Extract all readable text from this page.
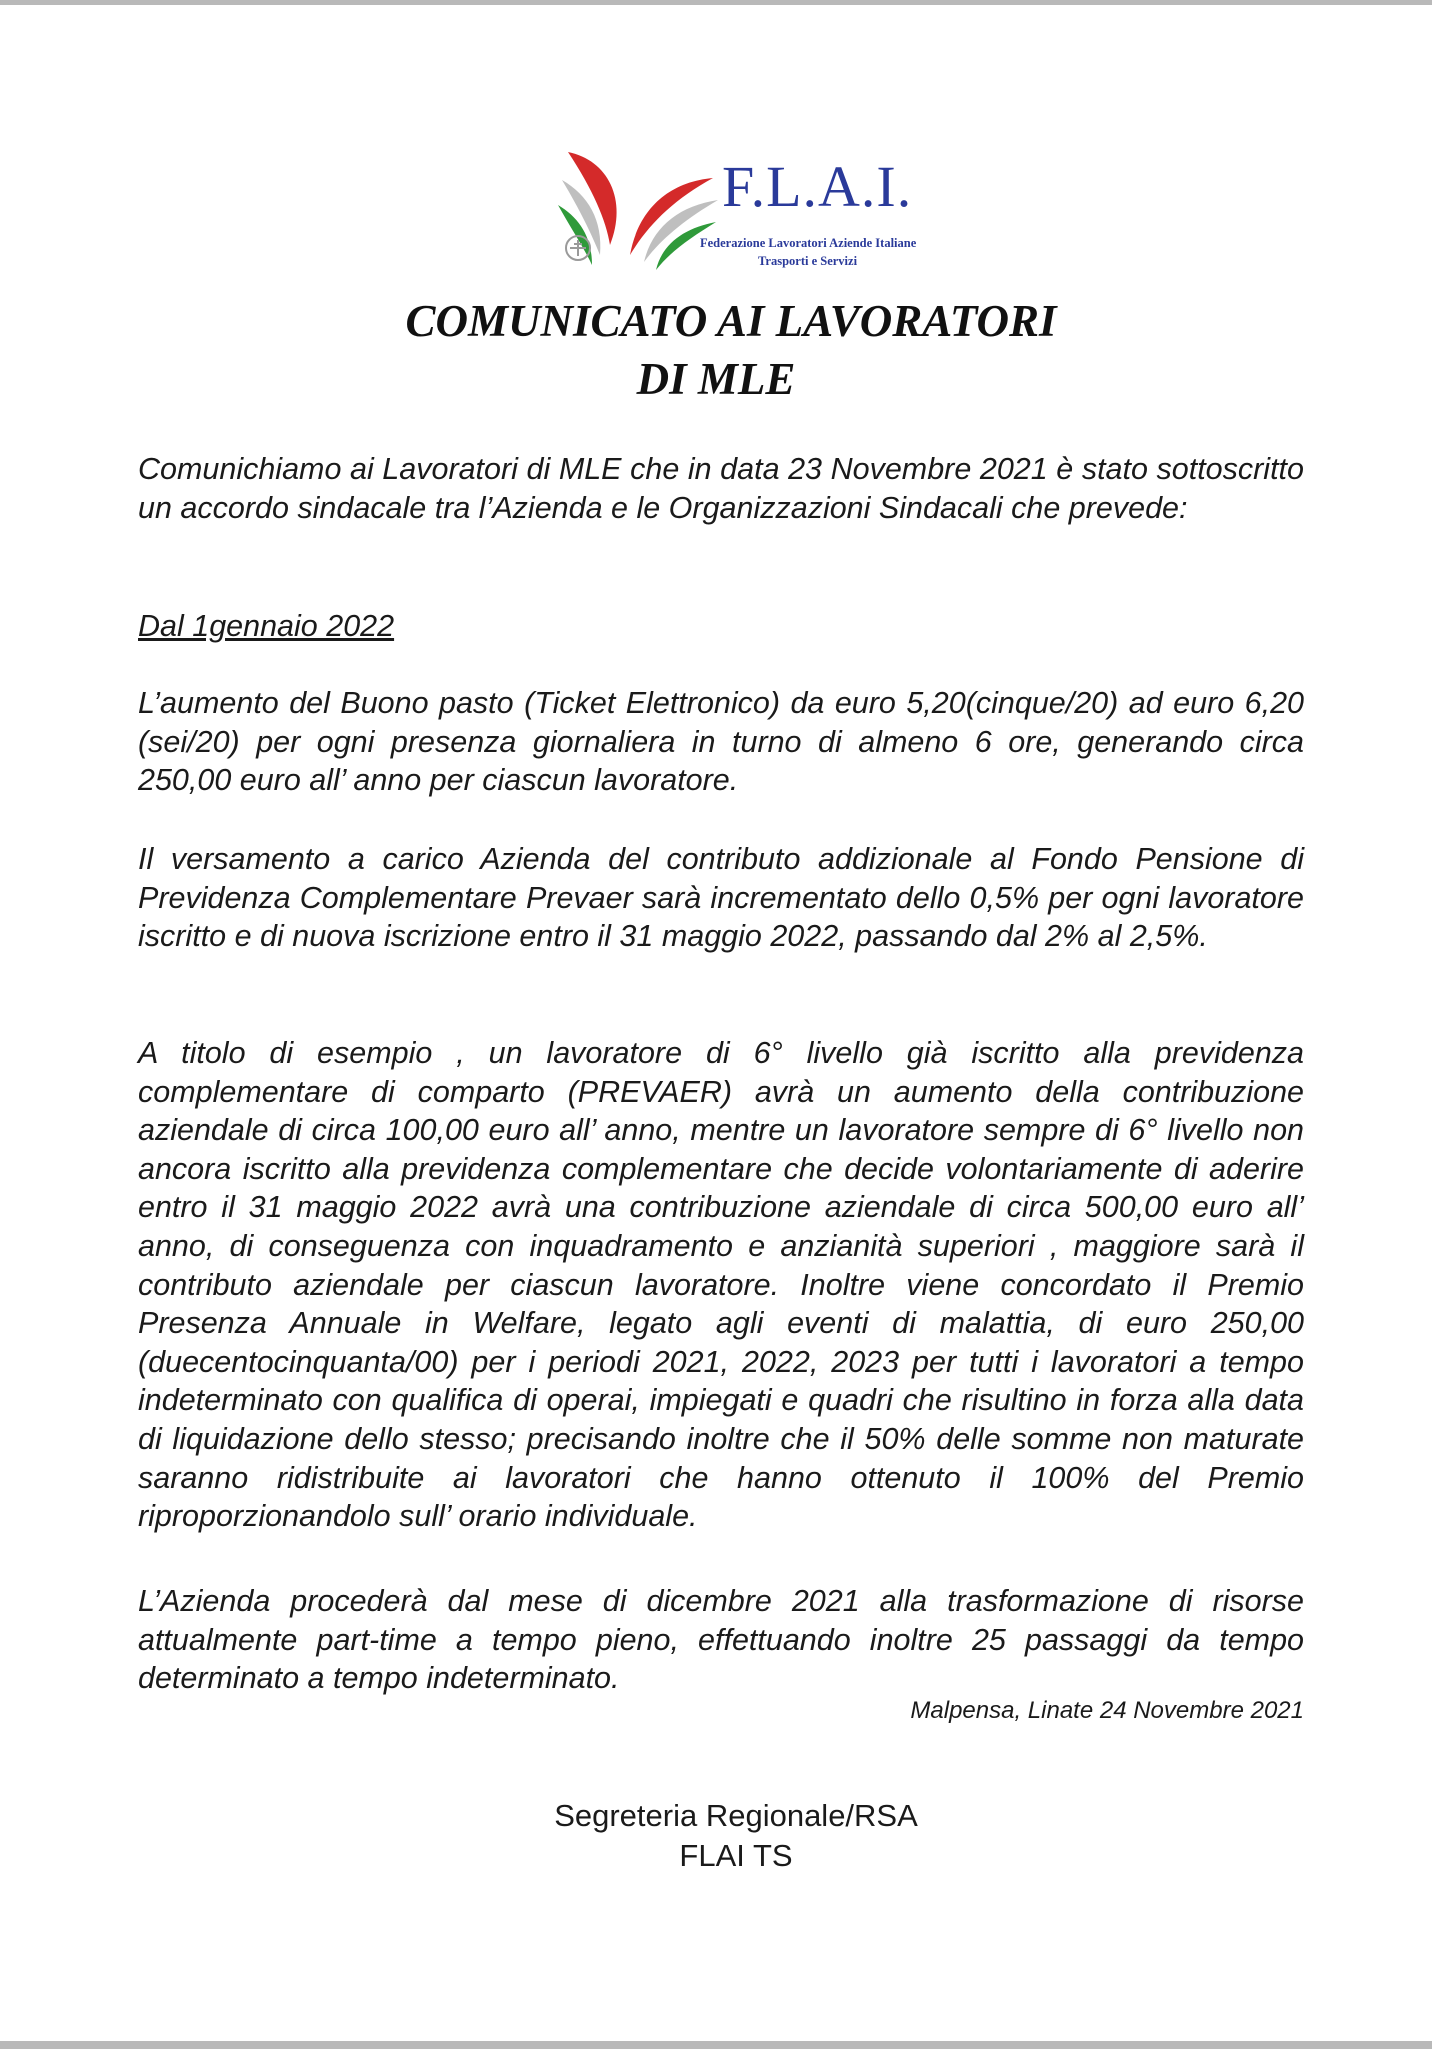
F.L.A.I.
Federazione Lavoratori Aziende Italiane
Trasporti e Servizi
COMUNICATO AI LAVORATORI
DI MLE
Comunichiamo ai Lavoratori di MLE che in data 23 Novembre 2021 è stato sottoscritto un accordo sindacale tra l’Azienda e le Organizzazioni Sindacali che prevede:
Dal 1gennaio 2022
L’aumento del Buono pasto (Ticket Elettronico) da euro 5,20(cinque/20) ad euro 6,20 (sei/20) per ogni presenza giornaliera in turno di almeno 6 ore, generando circa 250,00 euro all’ anno per ciascun lavoratore.
Il versamento a carico Azienda del contributo addizionale al Fondo Pensione di Previdenza Complementare Prevaer sarà incrementato dello 0,5% per ogni lavoratore iscritto e di nuova iscrizione entro il 31 maggio 2022, passando dal 2% al 2,5%.
A titolo di esempio , un lavoratore di 6° livello già iscritto alla previdenza complementare di comparto (PREVAER) avrà un aumento della contribuzione aziendale di circa 100,00 euro all’ anno, mentre un lavoratore sempre di 6° livello non ancora iscritto alla previdenza complementare che decide volontariamente di aderire entro il 31 maggio 2022 avrà una contribuzione aziendale di circa 500,00 euro all’ anno, di conseguenza con inquadramento e anzianità superiori , maggiore sarà il contributo aziendale per ciascun lavoratore. Inoltre viene concordato il Premio Presenza Annuale in Welfare, legato agli eventi di malattia, di euro 250,00 (duecentocinquanta/00) per i periodi 2021, 2022, 2023 per tutti i lavoratori a tempo indeterminato con qualifica di operai, impiegati e quadri che risultino in forza alla data di liquidazione dello stesso; precisando inoltre che il 50% delle somme non maturate saranno ridistribuite ai lavoratori che hanno ottenuto il 100% del Premio riproporzionandolo sull’ orario individuale.
L’Azienda procederà dal mese di dicembre 2021 alla trasformazione di risorse attualmente part-time a tempo pieno, effettuando inoltre 25 passaggi da tempo determinato a tempo indeterminato.
Malpensa, Linate 24 Novembre 2021
Segreteria Regionale/RSA
FLAI TS
